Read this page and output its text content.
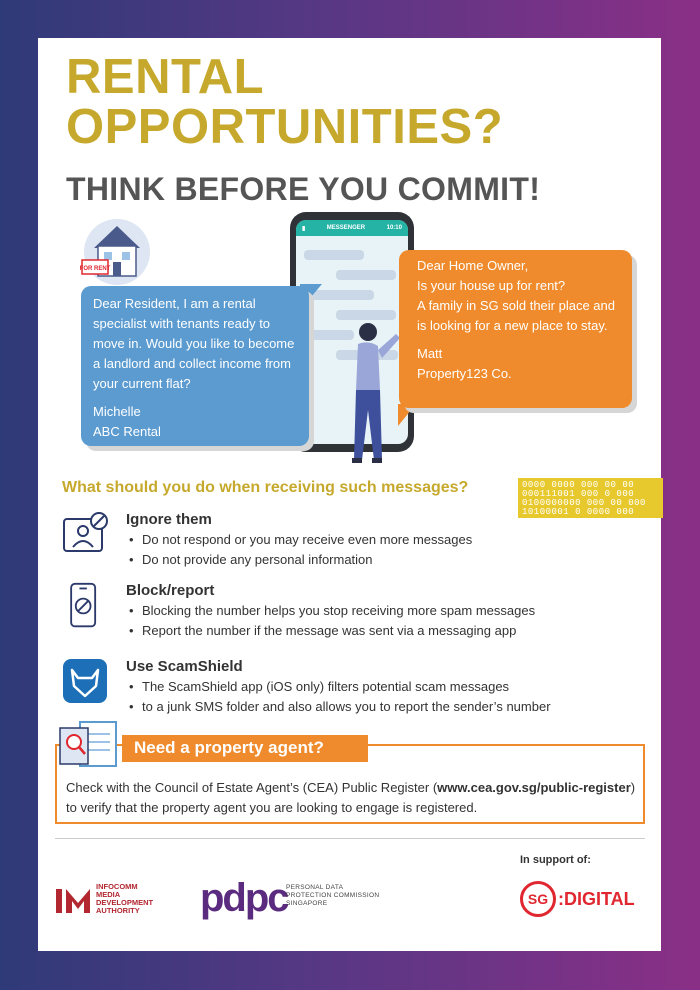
RENTAL
OPPORTUNITIES?
THINK BEFORE YOU COMMIT!
FOR RENT
▮	MESSENGER	10:10
Dear Resident, I am a rental specialist with tenants ready to move in. Would you like to become a landlord and collect income from your current flat?
Michelle
ABC Rental
Dear Home Owner,
Is your house up for rent?
A family in SG sold their place and is looking for a new place to stay.
Matt
Property123 Co.
What should you do when receiving such messages?	0000 0000 000 00 00
000111001 000 0 000
0100000000 000 00 000
10100001 0 0000 000
Ignore them
• Do not respond or you may receive even more messages
• Do not provide any personal information
Block/report
• Blocking the number helps you stop receiving more spam messages
• Report the number if the message was sent via a messaging app
Use ScamShield
• The ScamShield app (iOS only) filters potential scam messages
• to a junk SMS folder and also allows you to report the sender’s number
Need a property agent?
Check with the Council of Estate Agent’s (CEA) Public Register (www.cea.gov.sg/public-register)
to verify that the property agent you are looking to engage is registered.
In support of:
INFOCOMM
MEDIA
DEVELOPMENT
AUTHORITY	pdpc
PERSONAL DATA
PROTECTION COMMISSION
SINGAPORE	SG :DIGITAL
